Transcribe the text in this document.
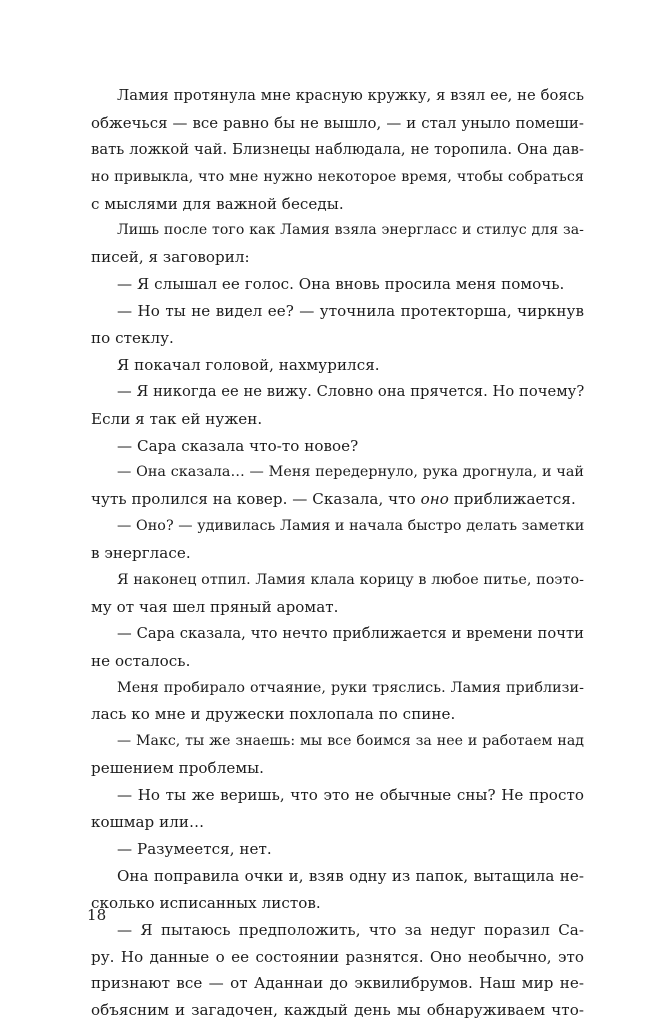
Ламия протянула мне красную кружку, я взял ее, не боясь
обжечься — все равно бы не вышло, — и стал уныло помеши-
вать ложкой чай. Близнецы наблюдала, не торопила. Она дав-
но привыкла, что мне нужно некоторое время, чтобы собраться
с мыслями для важной беседы.
Лишь после того как Ламия взяла энергласс и стилус для за-
писей, я заговорил:
— Я слышал ее голос. Она вновь просила меня помочь.
— Но ты не видел ее? — уточнила протекторша, чиркнув
по стеклу.
Я покачал головой, нахмурился.
— Я никогда ее не вижу. Словно она прячется. Но почему?
Если я так ей нужен.
— Сара сказала что-то новое?
— Она сказала… — Меня передернуло, рука дрогнула, и чай
чуть пролился на ковер. — Сказала, что оно приближается.
— Оно? — удивилась Ламия и начала быстро делать заметки
в энергласе.
Я наконец отпил. Ламия клала корицу в любое питье, поэто-
му от чая шел пряный аромат.
— Сара сказала, что нечто приближается и времени почти
не осталось.
Меня пробирало отчаяние, руки тряслись. Ламия приблизи-
лась ко мне и дружески похлопала по спине.
— Макс, ты же знаешь: мы все боимся за нее и работаем над
решением проблемы.
— Но ты же веришь, что это не обычные сны? Не просто
кошмар или…
— Разумеется, нет.
Она поправила очки и, взяв одну из папок, вытащила не-
сколько исписанных листов.
— Я пытаюсь предположить, что за недуг поразил Са-
ру. Но данные о ее состоянии разнятся. Оно необычно, это
признают все — от Аданнаи до эквилибрумов. Наш мир не-
объясним и загадочен, каждый день мы обнаруживаем что-
18
